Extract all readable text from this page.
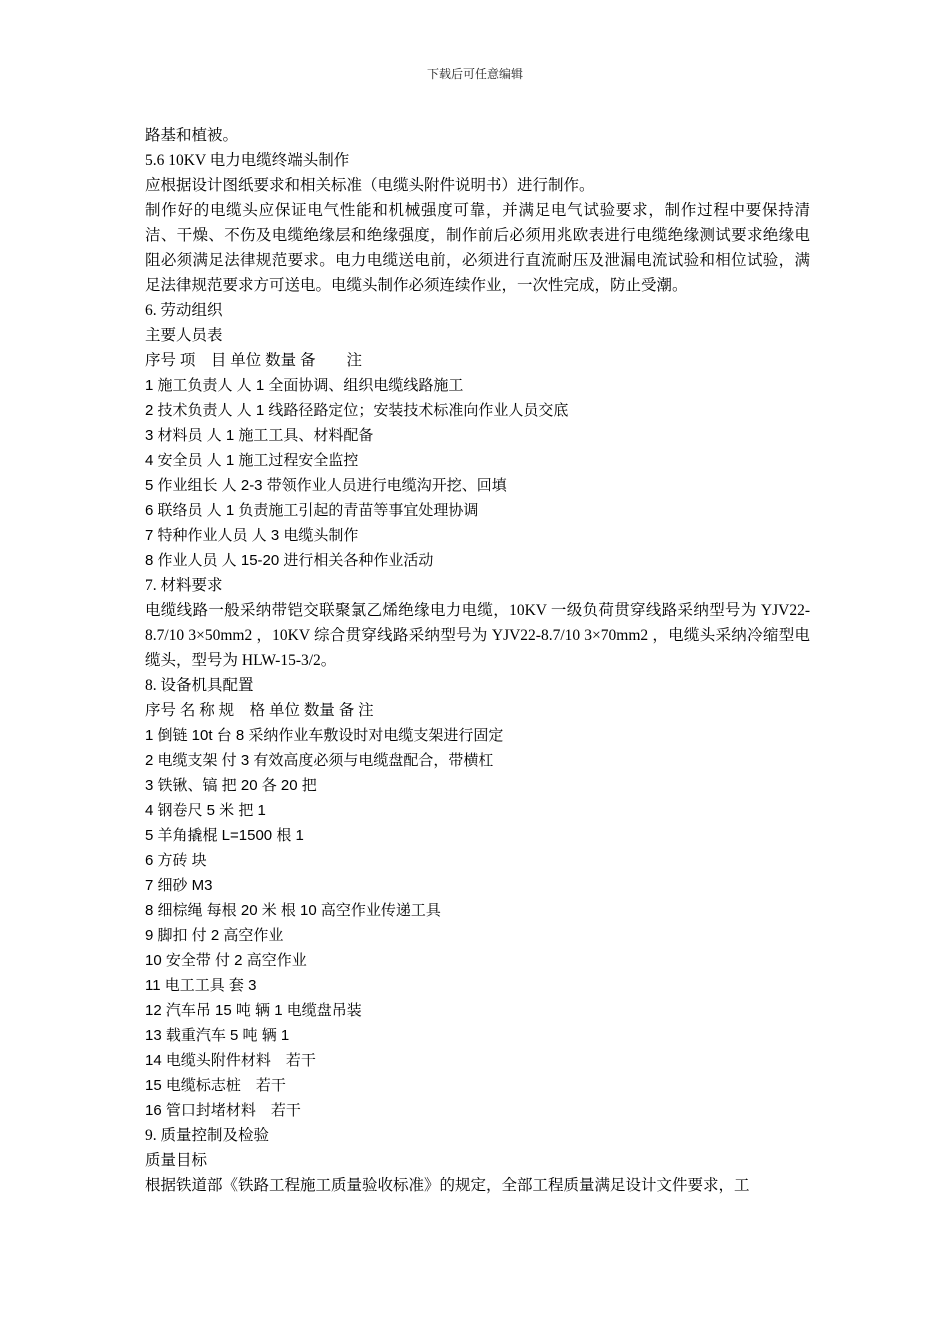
下载后可任意编辑
路基和植被。
5.6 10KV 电力电缆终端头制作
应根据设计图纸要求和相关标准（电缆头附件说明书）进行制作。
制作好的电缆头应保证电气性能和机械强度可靠，并满足电气试验要求，制作过程中要保持清洁、干燥、不伤及电缆绝缘层和绝缘强度，制作前后必须用兆欧表进行电缆绝缘测试要求绝缘电阻必须满足法律规范要求。电力电缆送电前，必须进行直流耐压及泄漏电流试验和相位试验，满足法律规范要求方可送电。电缆头制作必须连续作业，一次性完成，防止受潮。
6. 劳动组织
主要人员表
序号 项　目 单位 数量 备　　注
1 施工负责人 人 1 全面协调、组织电缆线路施工
2 技术负责人 人 1 线路径路定位；安装技术标准向作业人员交底
3 材料员 人 1 施工工具、材料配备
4 安全员 人 1 施工过程安全监控
5 作业组长 人 2-3 带领作业人员进行电缆沟开挖、回填
6 联络员 人 1 负责施工引起的青苗等事宜处理协调
7 特种作业人员 人 3 电缆头制作
8 作业人员 人 15-20 进行相关各种作业活动
7. 材料要求
电缆线路一般采纳带铠交联聚氯乙烯绝缘电力电缆，10KV 一级负荷贯穿线路采纳型号为 YJV22-8.7/10 3×50mm2 ，10KV 综合贯穿线路采纳型号为 YJV22-8.7/10 3×70mm2 ，电缆头采纳冷缩型电缆头，型号为 HLW-15-3/2。
8. 设备机具配置
序号 名 称 规　格 单位 数量 备 注
1 倒链 10t 台 8 采纳作业车敷设时对电缆支架进行固定
2 电缆支架 付 3 有效高度必须与电缆盘配合，带横杠
3 铁锹、镐 把 20 各 20 把
4 钢卷尺 5 米 把 1
5 羊角撬棍 L=1500 根 1
6 方砖 块
7 细砂 M3
8 细棕绳 每根 20 米 根 10 高空作业传递工具
9 脚扣 付 2 高空作业
10 安全带 付 2 高空作业
11 电工工具 套 3
12 汽车吊 15 吨 辆 1 电缆盘吊装
13 载重汽车 5 吨 辆 1
14 电缆头附件材料　若干
15 电缆标志桩　若干
16 管口封堵材料　若干
9. 质量控制及检验
质量目标
根据铁道部《铁路工程施工质量验收标准》的规定，全部工程质量满足设计文件要求，工
